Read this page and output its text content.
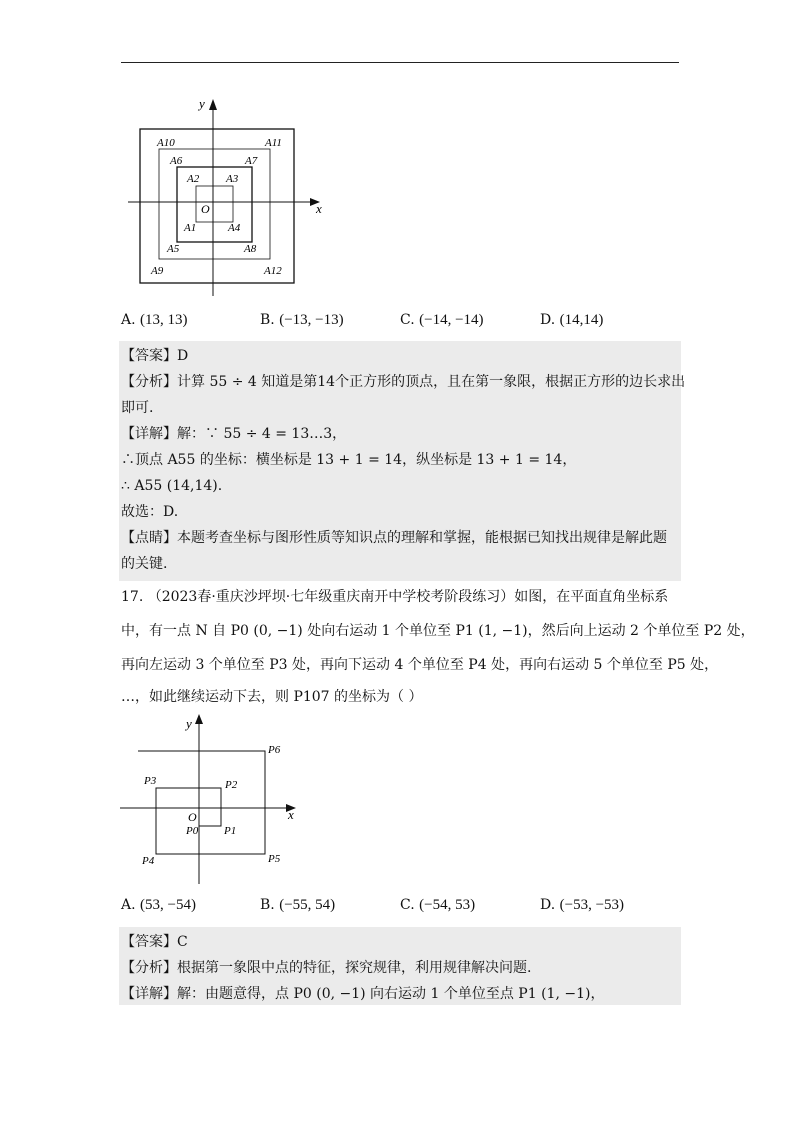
x
y
O
A10	A11
A6	A7
A2 A3
A1	A4
A5	A8
A9	A12
A. (13, 13)	B. (−13, −13)	C. (−14, −14)	D. (14,14)
【答案】D
【分析】计算 55 ÷ 4 知道是第14个正方形的顶点，且在第一象限，根据正方形的边长求出
即可.
【详解】解：∵ 55 ÷ 4 = 13…3，
∴顶点 A55 的坐标：横坐标是 13 + 1 = 14，纵坐标是 13 + 1 = 14，
∴ A55 (14,14).
故选：D.
【点睛】本题考查坐标与图形性质等知识点的理解和掌握，能根据已知找出规律是解此题
的关键.
17. （2023春·重庆沙坪坝·七年级重庆南开中学校考阶段练习）如图，在平面直角坐标系
中，有一点 N 自 P0 (0, −1) 处向右运动 1 个单位至 P1 (1, −1)，然后向上运动 2 个单位至 P2 处，
再向左运动 3 个单位至 P3 处，再向下运动 4 个单位至 P4 处，再向右运动 5 个单位至 P5 处，
…，如此继续运动下去，则 P107 的坐标为（ ）
x
y
O
P6
P3	P2
P0 P1
P4	P5
A. (53, −54)	B. (−55, 54)	C. (−54, 53)	D. (−53, −53)
【答案】C
【分析】根据第一象限中点的特征，探究规律，利用规律解决问题.
【详解】解：由题意得，点 P0 (0, −1) 向右运动 1 个单位至点 P1 (1, −1)，
